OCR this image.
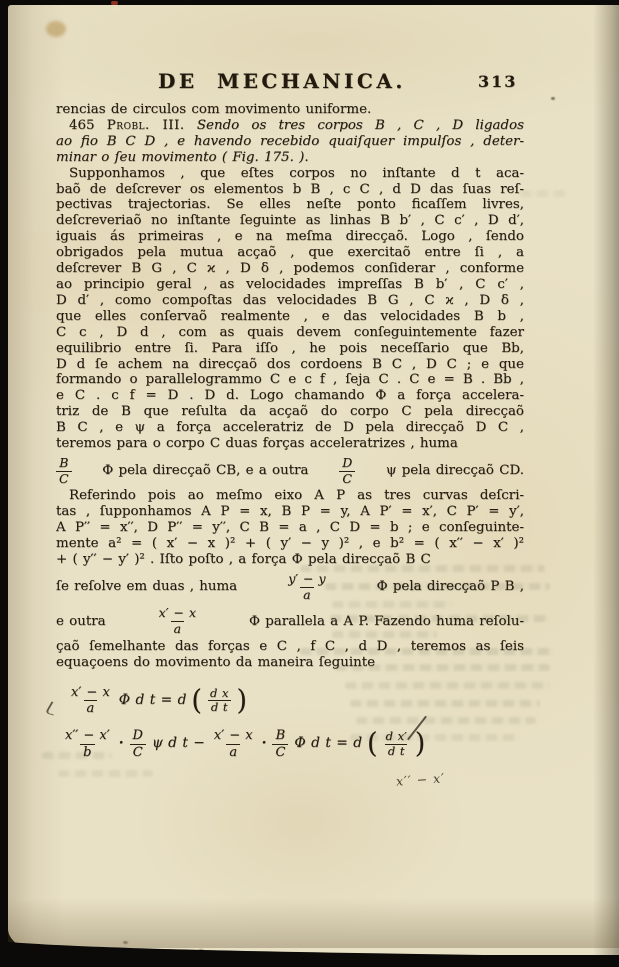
DE MECHANICA.	313
rencias de circulos com movimento uniforme.
465 Probl. III. Sendo os tres corpos B , C , D ligados
ao fio B C D , e havendo recebido quaiſquer impulſos , deter-
minar o ſeu movimento ( Fig. 175. ).
Supponhamos , que eſtes corpos no inſtante d t aca-
baõ de deſcrever os elementos b B , c C , d D das ſuas reſ-
pectivas trajectorias. Se elles neſte ponto ficaſſem livres,
deſcreveriaõ no inſtante ſeguinte as linhas B b′ , C c′ , D d′,
iguais ás primeiras , e na meſma direcçaõ. Logo , ſendo
obrigados pela mutua acçaõ , que exercitaõ entre ſi , a
deſcrever B G , C ϰ , D δ , podemos conſiderar , conforme
ao principio geral , as velocidades impreſſas B b′ , C c′ ,
D d′ , como compoſtas das velocidades B G , C ϰ , D δ ,
que elles conſervaõ realmente , e das velocidades B b ,
C c , D d , com as quais devem conſeguintemente fazer
equilibrio entre ſi. Para iſſo , he pois neceſſario que Bb,
D d ſe achem na direcçaõ dos cordoens B C , D C ; e que
formando o parallelogrammo C e c f , ſeja C . C e = B . Bb ,
e C . c f = D . D d. Logo chamando Φ a força accelera-
triz de B que reſulta da acçaõ do corpo C pela direcçaõ
B C , e ψ a força acceleratriz de D pela direcçaõ D C ,
teremos para o corpo C duas forças acceleratrizes , huma
$\frac{B}{C}$ Φ pela direcçaõ CB, e a outra $\frac{D}{C}$ ψ pela direcçaõ CD.
Referindo pois ao meſmo eixo A P as tres curvas deſcri-
tas , ſupponhamos A P = x, B P = y, A P′ = x′, C P′ = y′,
A P′′ = x′′, D P′′ = y′′, C B = a , C D = b ; e conſeguinte-
mente a² = ( x′ − x )² + ( y′ − y )² , e b² = ( x′′ − x′ )²
+ ( y′′ − y′ )² . Iſto poſto , a força Φ pela direcçaõ B C
ſe reſolve em duas , huma	$\frac{y' - y}{a}$	Φ pela direcçaõ P B ,
e outra	$\frac{x' - x}{a}$	Φ parallela a A P. Fazendo huma reſolu-
çaõ ſemelhante das forças e C , f C , d D , teremos as ſeis
equaçoens do movimento da maneira ſeguinte
$\frac{x' - x}{a}$ Φ d t = d ( $\frac{\text{d x}}{\text{d t}}$ )
$\frac{x'' - x'}{b} \cdot \frac{D}{C}$ ψ d $t - \frac{x' - x}{a} \cdot \frac{B}{C}$ Φ d t = d ( $\frac{\text{d x′}}{\text{d t}}$ )
x′′ − x′
